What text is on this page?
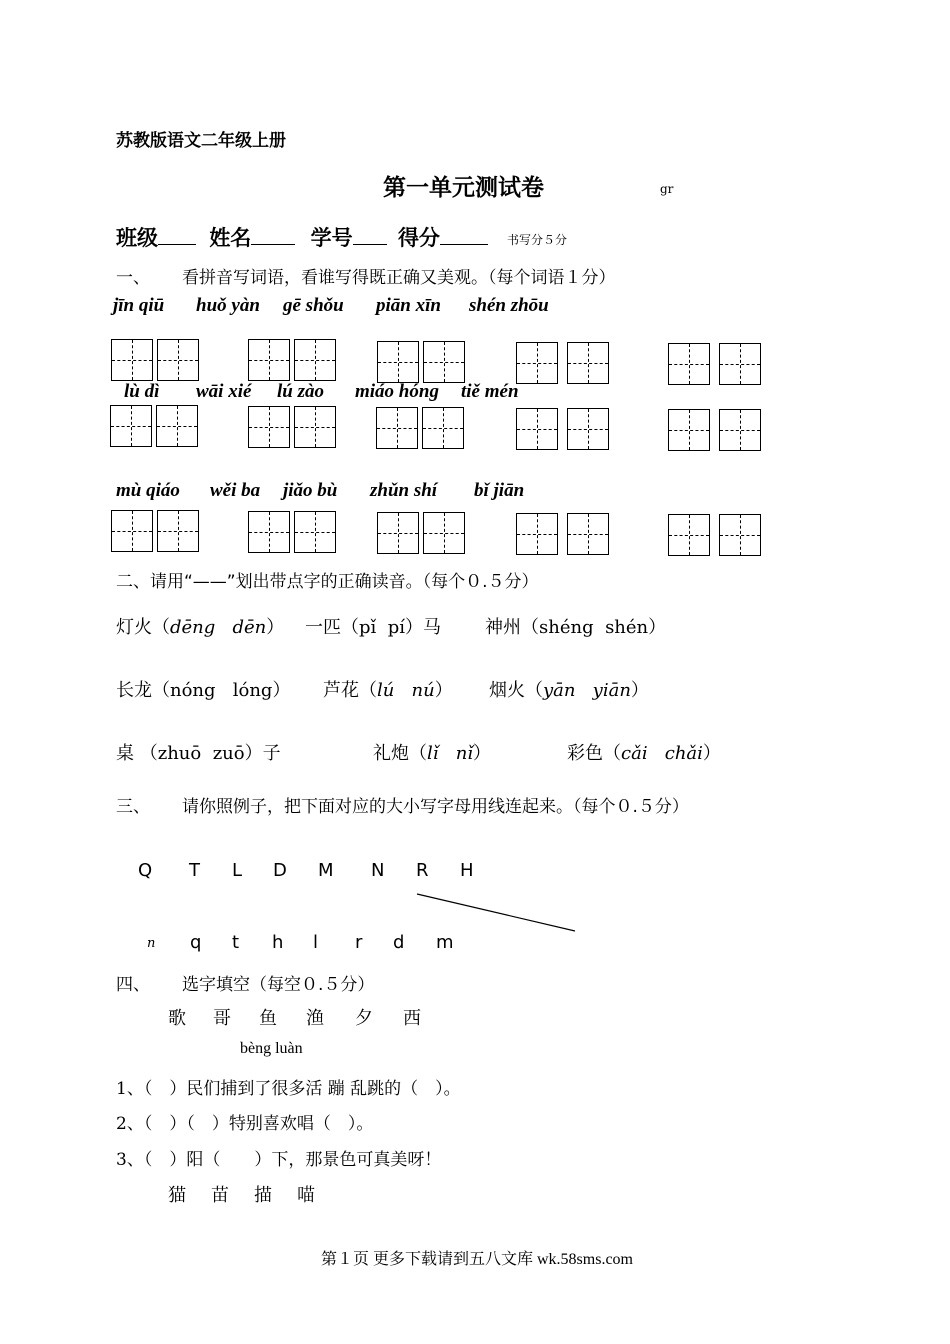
苏教版语文二年级上册
第一单元测试卷	gr
班级 姓名	学号 得分	书写分５分
一、 看拼音写词语，看谁写得既正确又美观。（每个词语１分）
jīn qiū huǒ yàn gē shǒu piān xīn shén zhōu
lù dì wāi xié lú zào miáo hóng tiě mén
mù qiáo wěi ba jiǎo bù zhǔn shí bǐ jiān
二、请用“——”划出带点字的正确读音。（每个０.５分）
灯火（dēng dēn） 一匹（pǐ pí）马 神州（shéng shén）
长龙（nóng lóng） 芦花（lú nú） 烟火（yān yiān）
桌 （zhuō zuō）子	礼炮（lǐ nǐ）	彩色（cǎi chǎi）
三、 请你照例子，把下面对应的大小写字母用线连起来。（每个０.５分）
Q T L D M N R H
n q t h l r d m
四、 选字填空（每空０.５分）
歌 哥 鱼 渔 夕 西
bèng luàn
1、（　）民们捕到了很多活 蹦 乱跳的（　）。
2、（　）（　）特别喜欢唱（　）。
3、（　）阳（　　）下，那景色可真美呀！
猫 苗 描 喵
第１页 更多下载请到五八文库 wk.58sms.com
